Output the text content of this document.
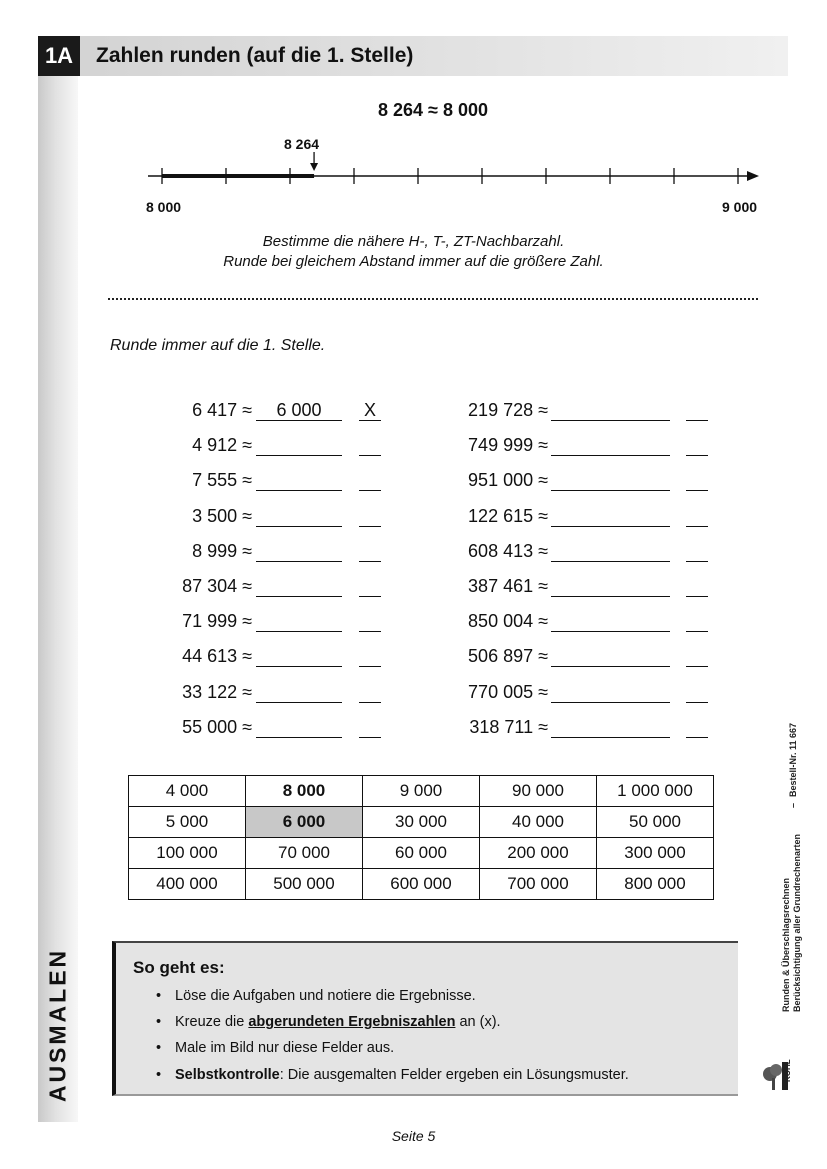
AUSMALEN
1A	Zahlen runden (auf die 1. Stelle)
8 264 ≈ 8 000
8 264
8 000	9 000
Bestimme die nähere H-, T-, ZT-Nachbarzahl.
Runde bei gleichem Abstand immer auf die größere Zahl.
Runde immer auf die 1. Stelle.
6 417 ≈	6 000	X
4 912 ≈
7 555 ≈
3 500 ≈
8 999 ≈
87 304 ≈
71 999 ≈
44 613 ≈
33 122 ≈
55 000 ≈
219 728 ≈
749 999 ≈
951 000 ≈
122 615 ≈
608 413 ≈
387 461 ≈
850 004 ≈
506 897 ≈
770 005 ≈
318 711 ≈
4 000	8 000	9 000	90 000	1 000 000
5 000	6 000	30 000	40 000	50 000
100 000	70 000	60 000	200 000	300 000
400 000	500 000	600 000	700 000	800 000
So geht es:
• Löse die Aufgaben und notiere die Ergebnisse.
• Kreuze die abgerundeten Ergebniszahlen an (x).
• Male im Bild nur diese Felder aus.
• Selbstkontrolle: Die ausgemalten Felder ergeben ein Lösungsmuster.
Runden & Überschlagsrechnen Berücksichtigung aller Grundrechenarten
–
Bestell-Nr. 11 667
KOHL
Seite 5
